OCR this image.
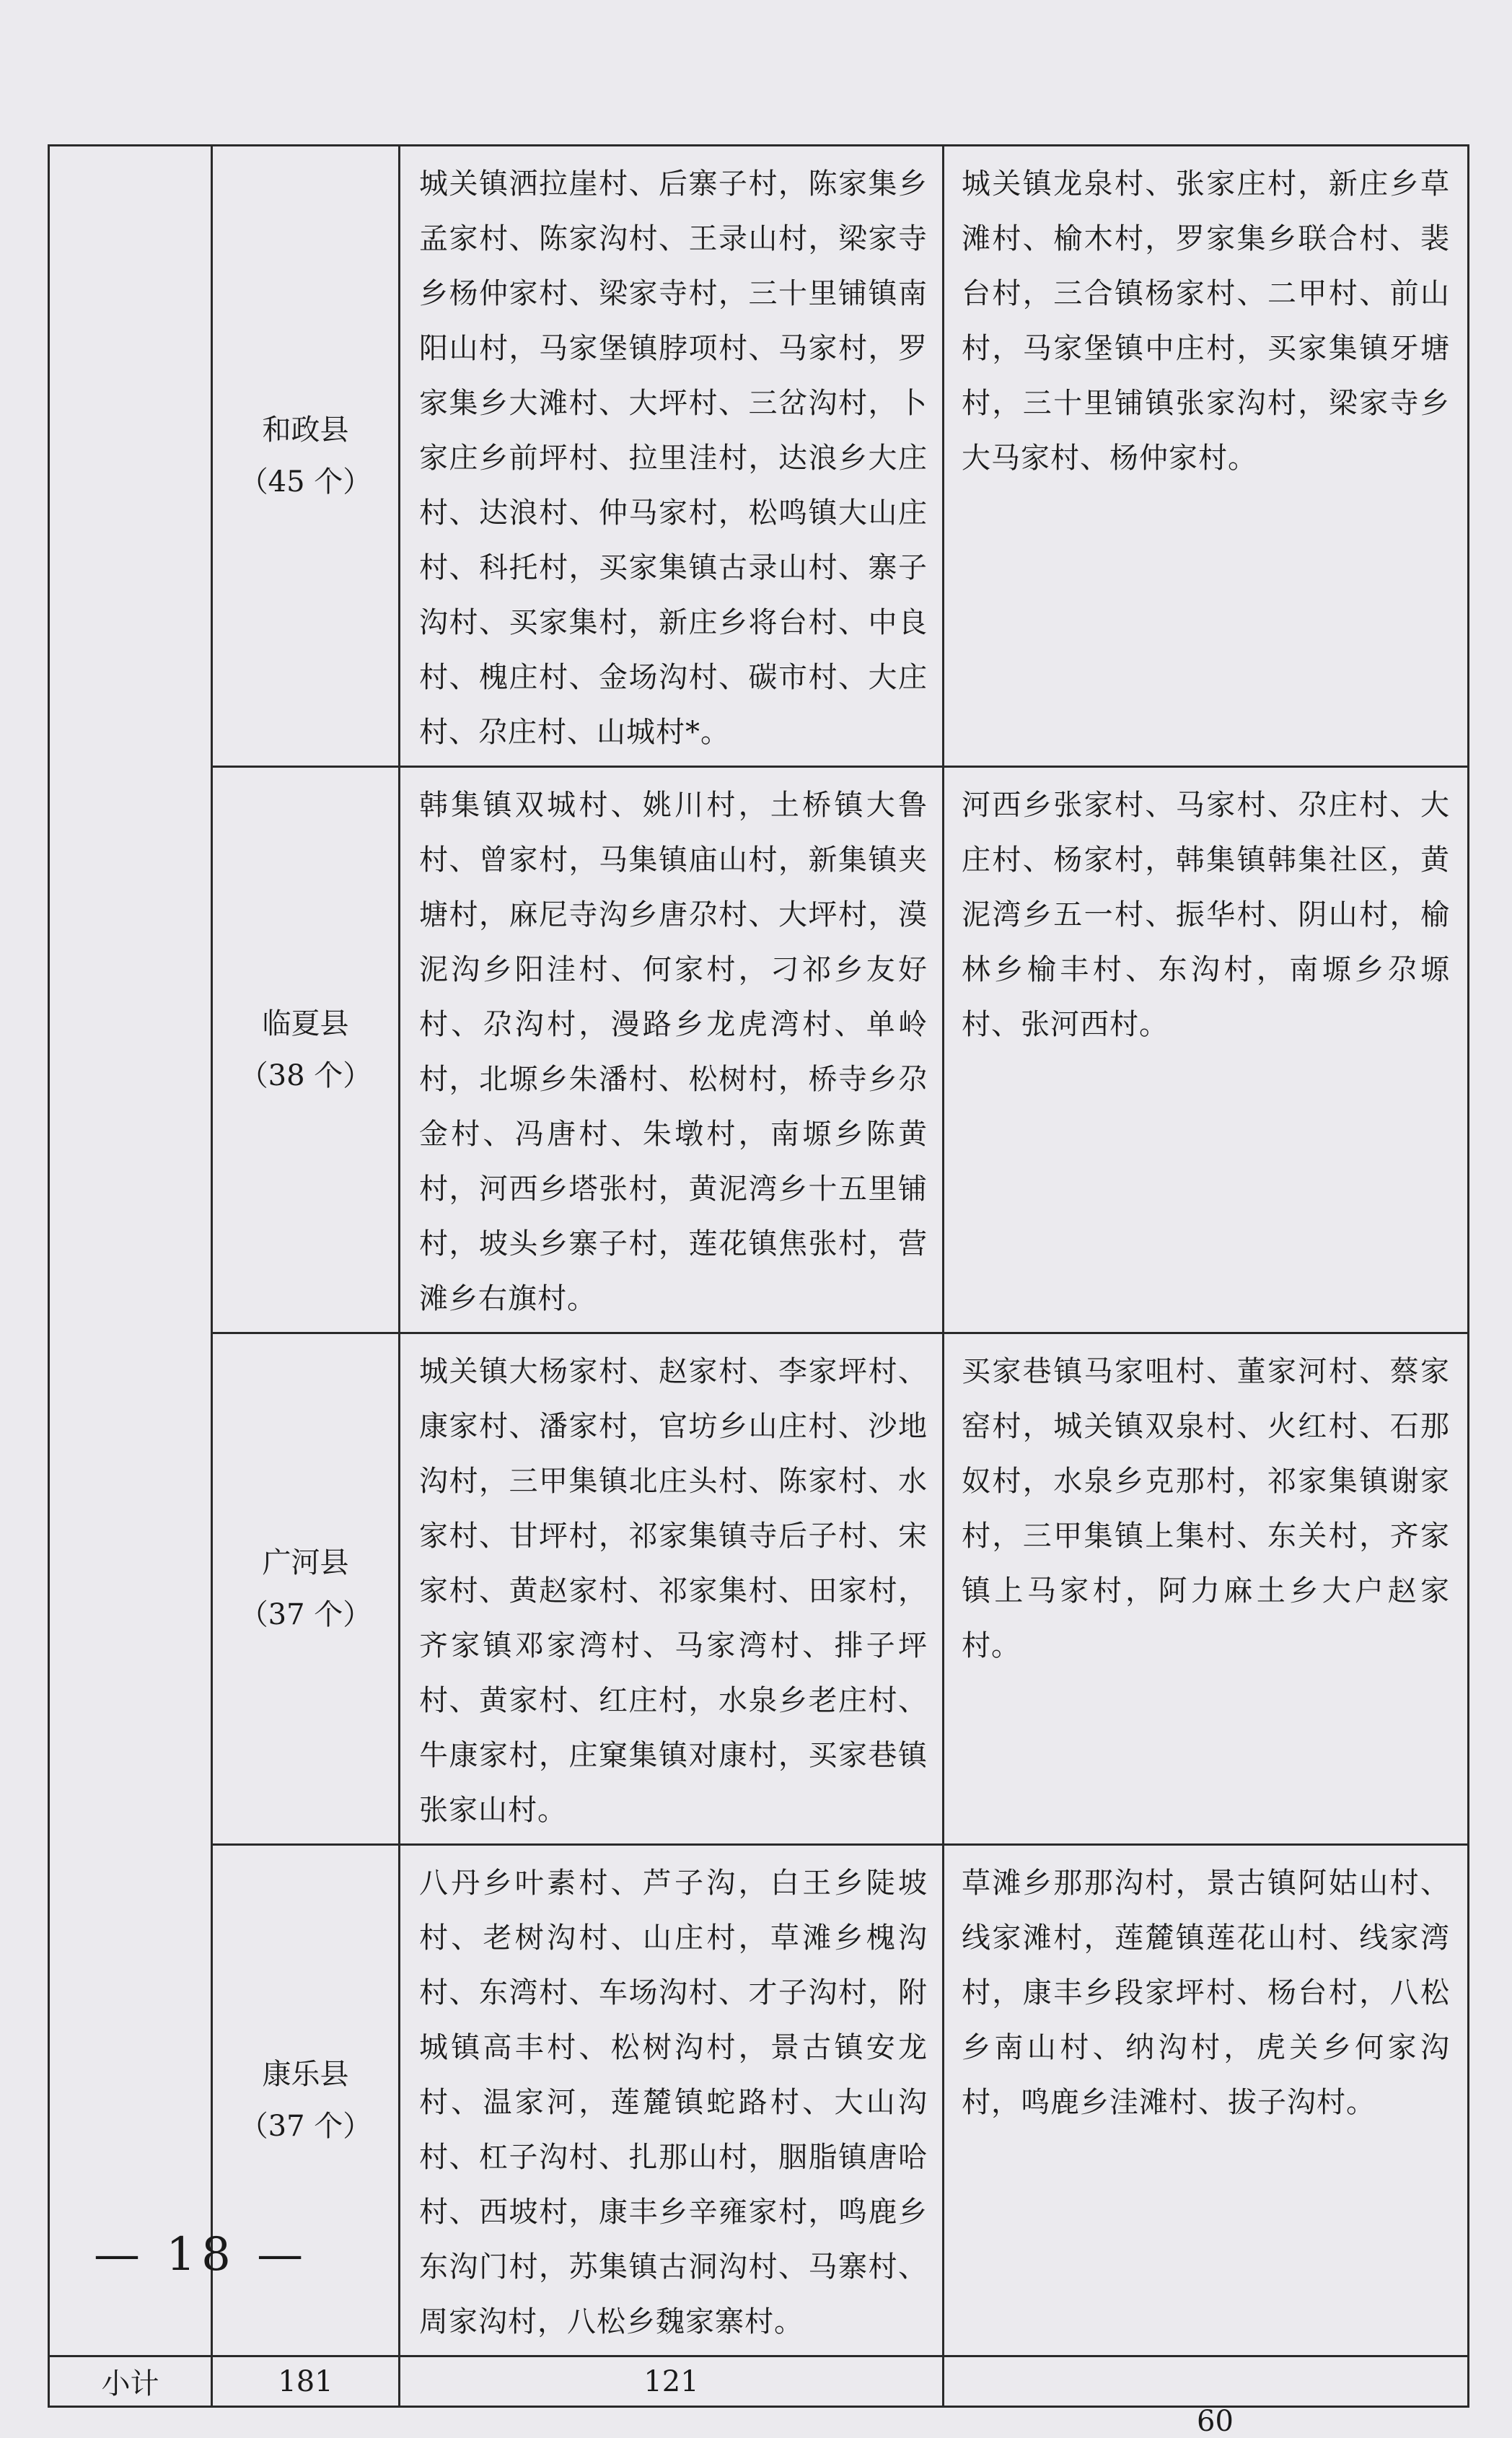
	和政县
（45 个）
	城关镇洒拉崖村、后寨子村，陈家集乡孟家村、陈家沟村、王录山村，梁家寺乡杨仲家村、梁家寺村，三十里铺镇南阳山村，马家堡镇脖项村、马家村，罗家集乡大滩村、大坪村、三岔沟村，卜家庄乡前坪村、拉里洼村，达浪乡大庄村、达浪村、仲马家村，松鸣镇大山庄村、科托村，买家集镇古录山村、寨子沟村、买家集村，新庄乡将台村、中良村、槐庄村、金场沟村、碳市村、大庄村、尕庄村、山城村*。	城关镇龙泉村、张家庄村，新庄乡草滩村、榆木村，罗家集乡联合村、裴台村，三合镇杨家村、二甲村、前山村，马家堡镇中庄村，买家集镇牙塘村，三十里铺镇张家沟村，梁家寺乡大马家村、杨仲家村。
临夏县
（38 个）
	韩集镇双城村、姚川村，土桥镇大鲁村、曾家村，马集镇庙山村，新集镇夹塘村，麻尼寺沟乡唐尕村、大坪村，漠泥沟乡阳洼村、何家村，刁祁乡友好村、尕沟村，漫路乡龙虎湾村、单岭村，北塬乡朱潘村、松树村，桥寺乡尕金村、冯唐村、朱墩村，南塬乡陈黄村，河西乡塔张村，黄泥湾乡十五里铺村，坡头乡寨子村，莲花镇焦张村，营滩乡右旗村。	河西乡张家村、马家村、尕庄村、大庄村、杨家村，韩集镇韩集社区，黄泥湾乡五一村、振华村、阴山村，榆林乡榆丰村、东沟村，南塬乡尕塬村、张河西村。
广河县
（37 个）
	城关镇大杨家村、赵家村、李家坪村、康家村、潘家村，官坊乡山庄村、沙地沟村，三甲集镇北庄头村、陈家村、水家村、甘坪村，祁家集镇寺后子村、宋家村、黄赵家村、祁家集村、田家村，齐家镇邓家湾村、马家湾村、排子坪村、黄家村、红庄村，水泉乡老庄村、牛康家村，庄窠集镇对康村，买家巷镇张家山村。	买家巷镇马家咀村、董家河村、蔡家窑村，城关镇双泉村、火红村、石那奴村，水泉乡克那村，祁家集镇谢家村，三甲集镇上集村、东关村，齐家镇上马家村，阿力麻土乡大户赵家村。
康乐县
（37 个）
	八丹乡叶素村、芦子沟，白王乡陡坡村、老树沟村、山庄村，草滩乡槐沟村、东湾村、车场沟村、才子沟村，附城镇高丰村、松树沟村，景古镇安龙村、温家河，莲麓镇蛇路村、大山沟村、杠子沟村、扎那山村，胭脂镇唐哈村、西坡村，康丰乡辛雍家村，鸣鹿乡东沟门村，苏集镇古洞沟村、马寨村、周家沟村，八松乡魏家寨村。	草滩乡那那沟村，景古镇阿姑山村、线家滩村，莲麓镇莲花山村、线家湾村，康丰乡段家坪村、杨台村，八松乡南山村、纳沟村，虎关乡何家沟村，鸣鹿乡洼滩村、拔子沟村。
小计	181	121	
60
— 18 —
